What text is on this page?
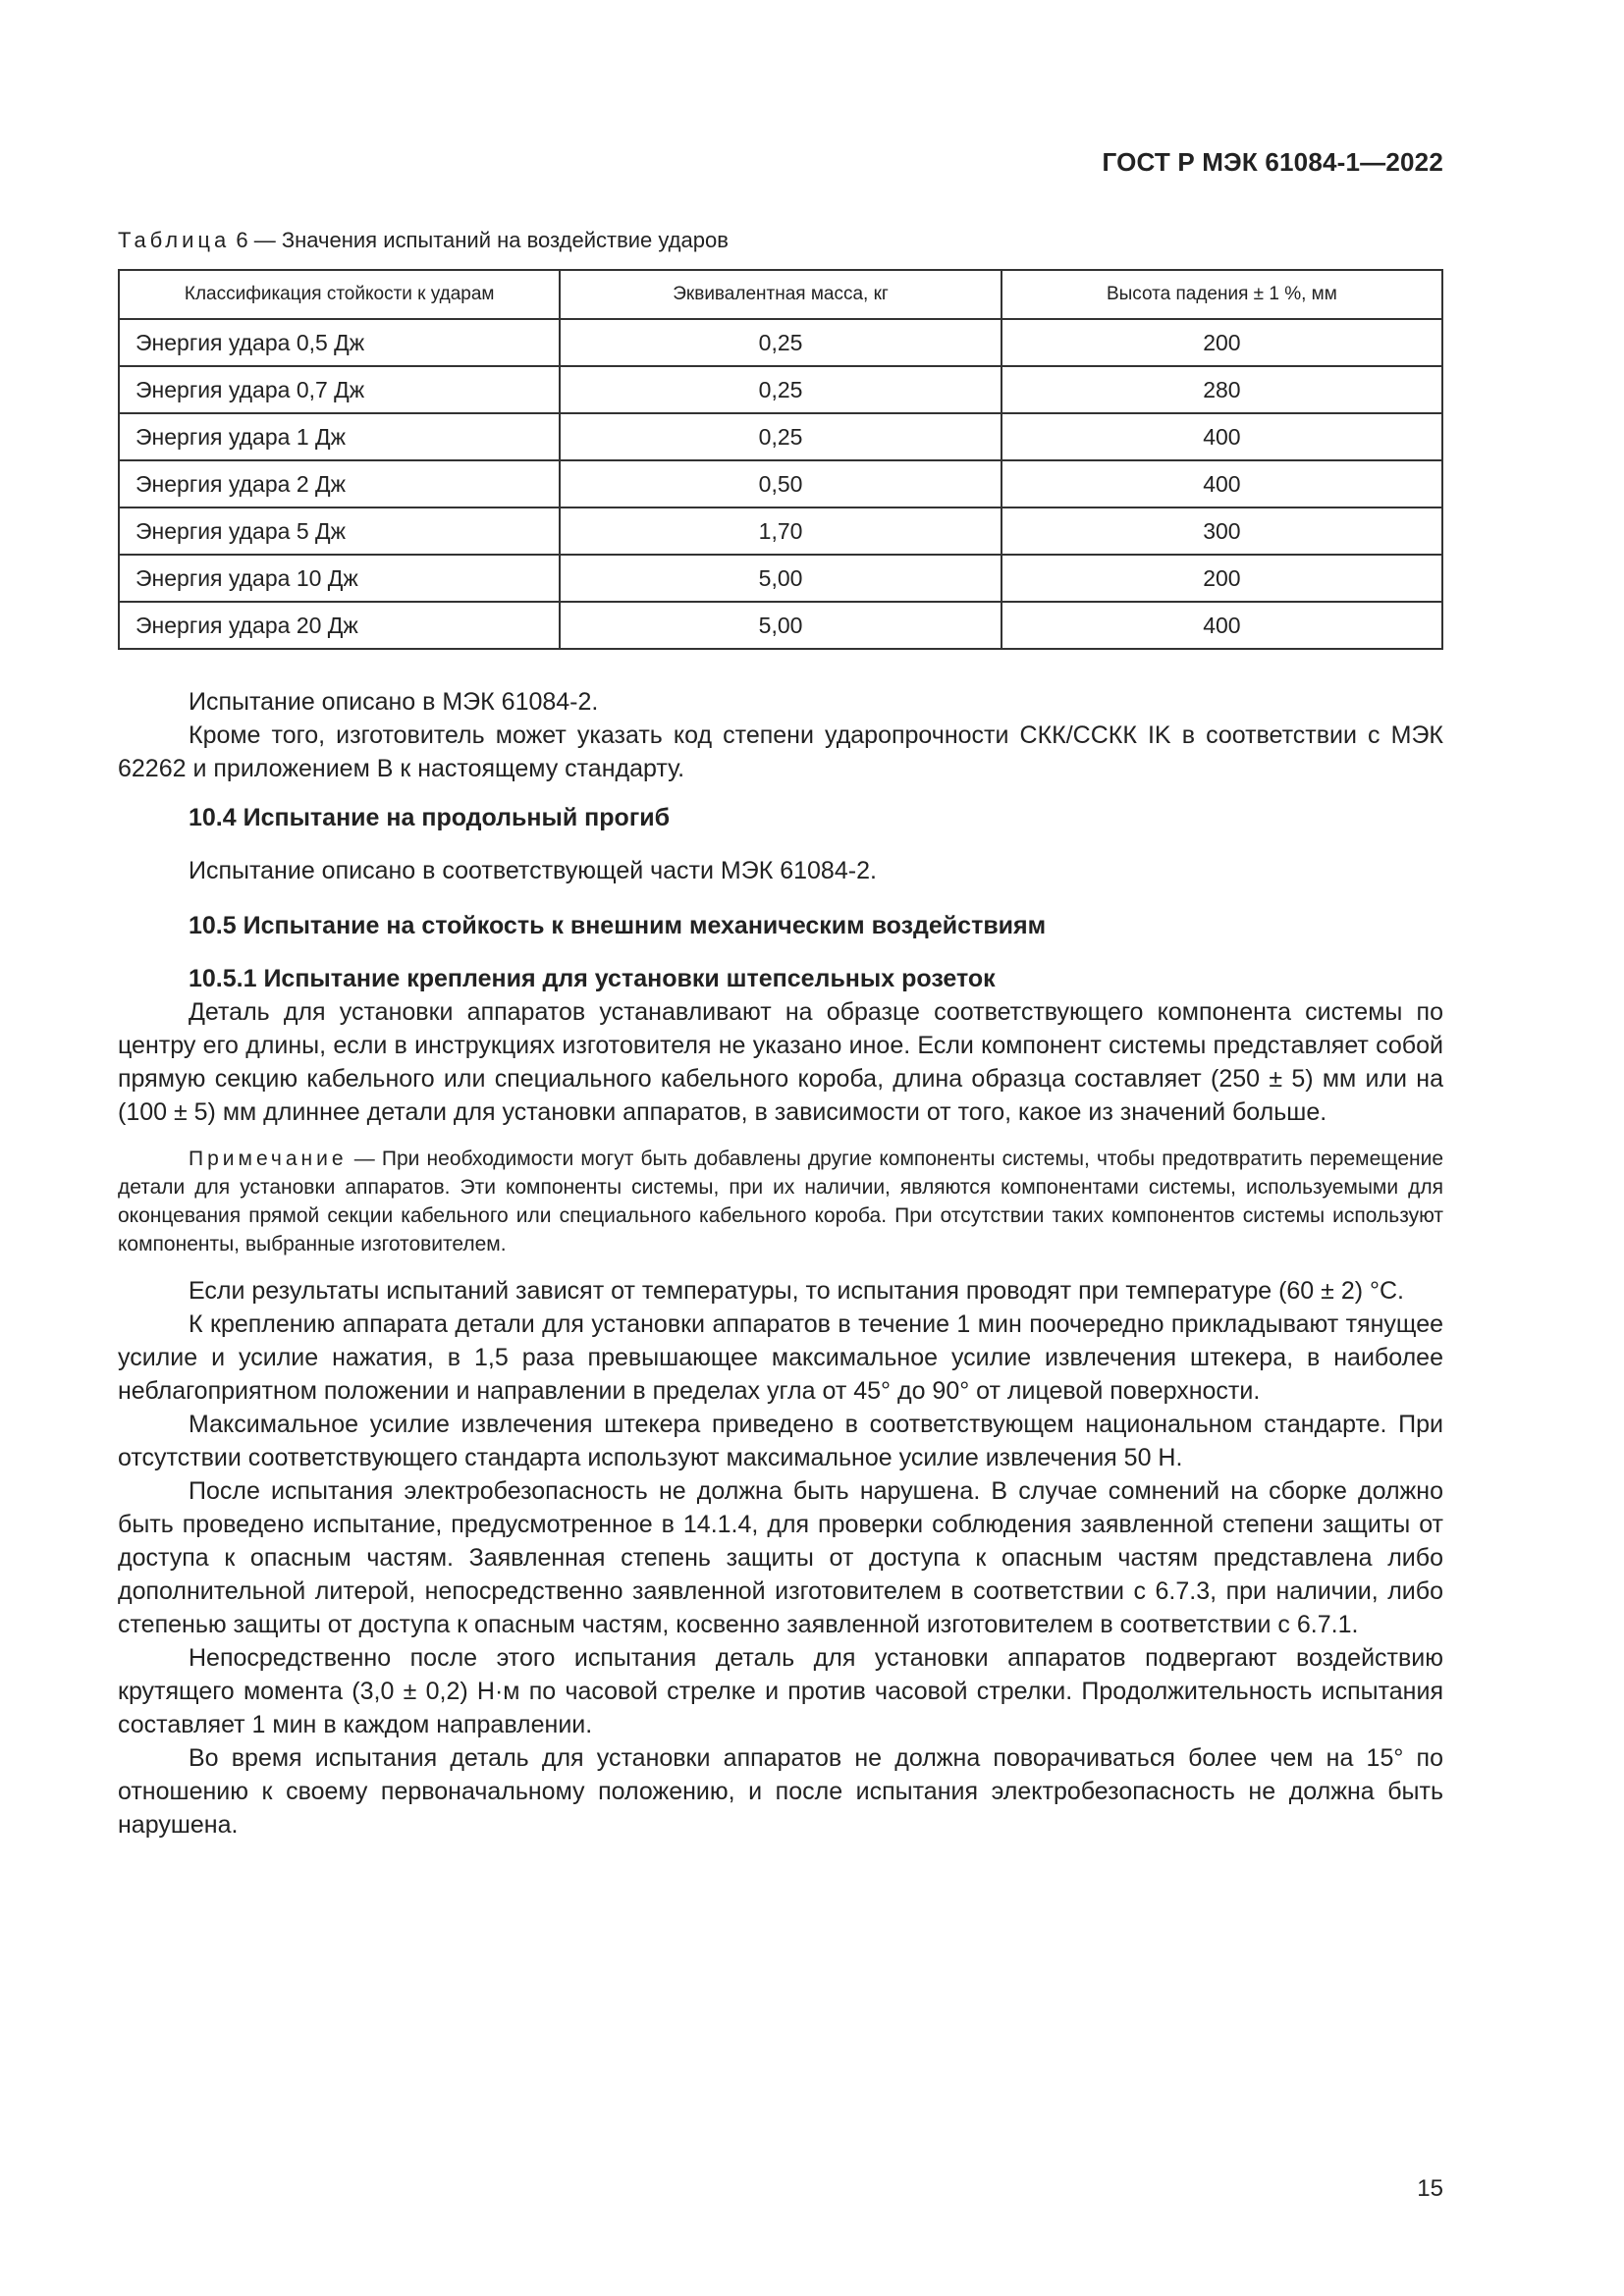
ГОСТ Р МЭК 61084-1—2022
Таблица 6 — Значения испытаний на воздействие ударов
Классификация стойкости к ударам	Эквивалентная масса, кг	Высота падения ± 1 %, мм
Энергия удара 0,5 Дж	0,25	200
Энергия удара 0,7 Дж	0,25	280
Энергия удара 1 Дж	0,25	400
Энергия удара 2 Дж	0,50	400
Энергия удара 5 Дж	1,70	300
Энергия удара 10 Дж	5,00	200
Энергия удара 20 Дж	5,00	400

Испытание описано в МЭК 61084-2.

Кроме того, изготовитель может указать код степени ударопрочности СКК/ССКК IK в соответствии с МЭК 62262 и приложением В к настоящему стандарту.

10.4 Испытание на продольный прогиб

Испытание описано в соответствующей части МЭК 61084-2.

10.5 Испытание на стойкость к внешним механическим воздействиям
10.5.1 Испытание крепления для установки штепсельных розеток

Деталь для установки аппаратов устанавливают на образце соответствующего компонента системы по центру его длины, если в инструкциях изготовителя не указано иное. Если компонент системы представляет собой прямую секцию кабельного или специального кабельного короба, длина образца составляет (250 ± 5) мм или на (100 ± 5) мм длиннее детали для установки аппаратов, в зависимости от того, какое из значений больше.

Примечание — При необходимости могут быть добавлены другие компоненты системы, чтобы предотвратить перемещение детали для установки аппаратов. Эти компоненты системы, при их наличии, являются компонентами системы, используемыми для оконцевания прямой секции кабельного или специального кабельного короба. При отсутствии таких компонентов системы используют компоненты, выбранные изготовителем.

Если результаты испытаний зависят от температуры, то испытания проводят при температуре (60 ± 2) °С.

К креплению аппарата детали для установки аппаратов в течение 1 мин поочередно прикладывают тянущее усилие и усилие нажатия, в 1,5 раза превышающее максимальное усилие извлечения штекера, в наиболее неблагоприятном положении и направлении в пределах угла от 45° до 90° от лицевой поверхности.

Максимальное усилие извлечения штекера приведено в соответствующем национальном стандарте. При отсутствии соответствующего стандарта используют максимальное усилие извлечения 50 Н.

После испытания электробезопасность не должна быть нарушена. В случае сомнений на сборке должно быть проведено испытание, предусмотренное в 14.1.4, для проверки соблюдения заявленной степени защиты от доступа к опасным частям. Заявленная степень защиты от доступа к опасным частям представлена либо дополнительной литерой, непосредственно заявленной изготовителем в соответствии с 6.7.3, при наличии, либо степенью защиты от доступа к опасным частям, косвенно заявленной изготовителем в соответствии с 6.7.1.

Непосредственно после этого испытания деталь для установки аппаратов подвергают воздействию крутящего момента (3,0 ± 0,2) Н·м по часовой стрелке и против часовой стрелки. Продолжительность испытания составляет 1 мин в каждом направлении.

Во время испытания деталь для установки аппаратов не должна поворачиваться более чем на 15° по отношению к своему первоначальному положению, и после испытания электробезопасность не должна быть нарушена.

15
